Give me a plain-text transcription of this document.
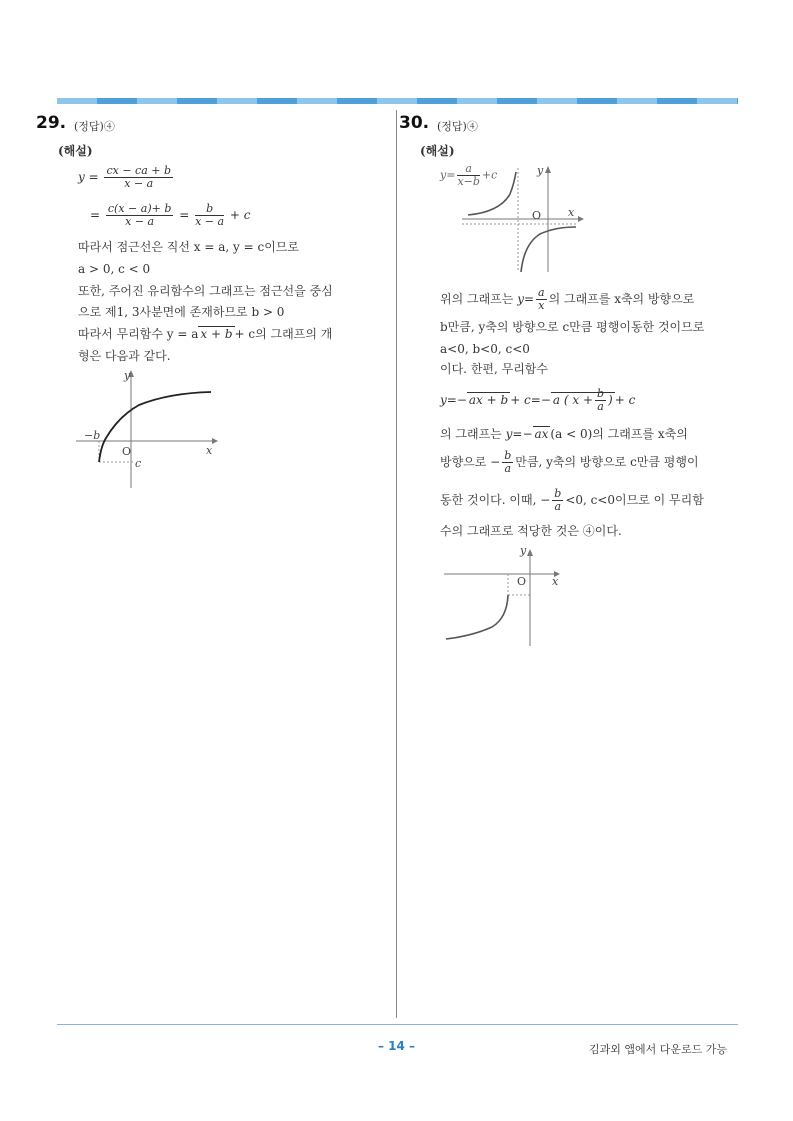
29. (정답)④
(해설)
$y = \frac{cx - ca + b}{x - a}$
= $\frac{c(x - a)+ b}{x - a} = \frac{b}{x - a} + c$
따라서 점근선은 직선 x = a, y = c이므로
a > 0, c < 0
또한, 주어진 유리함수의 그래프는 점근선을 중심
으로 제1, 3사분면에 존재하므로 b > 0
따라서 무리함수 y = a x + b + c의 그래프의 개
형은 다음과 같다.
y
x
O
−b
c
30. (정답)④
(해설)
$y= \frac{a}{x-b} +c$	y
x
O
위의 그래프는 $y= \frac{a}{x}$ 의 그래프를 x축의 방향으로
b만큼, y축의 방향으로 c만큼 평행이동한 것이므로
a<0, b<0, c<0
이다. 한편, 무리함수
y=− ax + b + c=− a ( $x + \frac{b}{a}$ ) + c
의 그래프는 y=− ax (a < 0)의 그래프를 x축의
방향으로 − $\frac{b}{a}$ 만큼, y축의 방향으로 c만큼 평행이
동한 것이다. 이때, − $\frac{b}{a} <0$, c<0이므로 이 무리함
수의 그래프로 적당한 것은 ④이다.
y
x
O
– 14 –	김과외 앱에서 다운로드 가능
